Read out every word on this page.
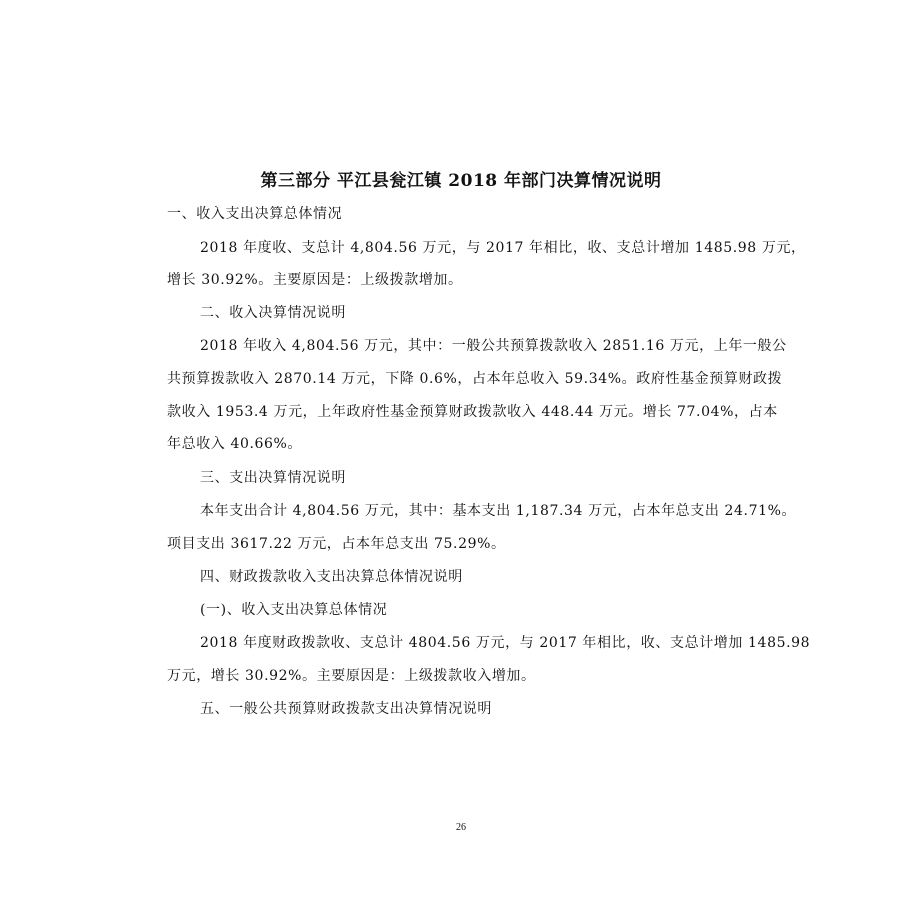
第三部分 平江县瓮江镇 2018 年部门决算情况说明
一、收入支出决算总体情况
2018 年度收、支总计 4,804.56 万元，与 2017 年相比，收、支总计增加 1485.98 万元，
增长 30.92%。主要原因是：上级拨款增加。
二、收入决算情况说明
2018 年收入 4,804.56 万元，其中：一般公共预算拨款收入 2851.16 万元，上年一般公
共预算拨款收入 2870.14 万元，下降 0.6%，占本年总收入 59.34%。政府性基金预算财政拨
款收入 1953.4 万元，上年政府性基金预算财政拨款收入 448.44 万元。增长 77.04%，占本
年总收入 40.66%。
三、支出决算情况说明
本年支出合计 4,804.56 万元，其中：基本支出 1,187.34 万元，占本年总支出 24.71%。
项目支出 3617.22 万元，占本年总支出 75.29%。
四、财政拨款收入支出决算总体情况说明
(一)、收入支出决算总体情况
2018 年度财政拨款收、支总计 4804.56 万元，与 2017 年相比，收、支总计增加 1485.98
万元，增长 30.92%。主要原因是：上级拨款收入增加。
五、一般公共预算财政拨款支出决算情况说明
26
